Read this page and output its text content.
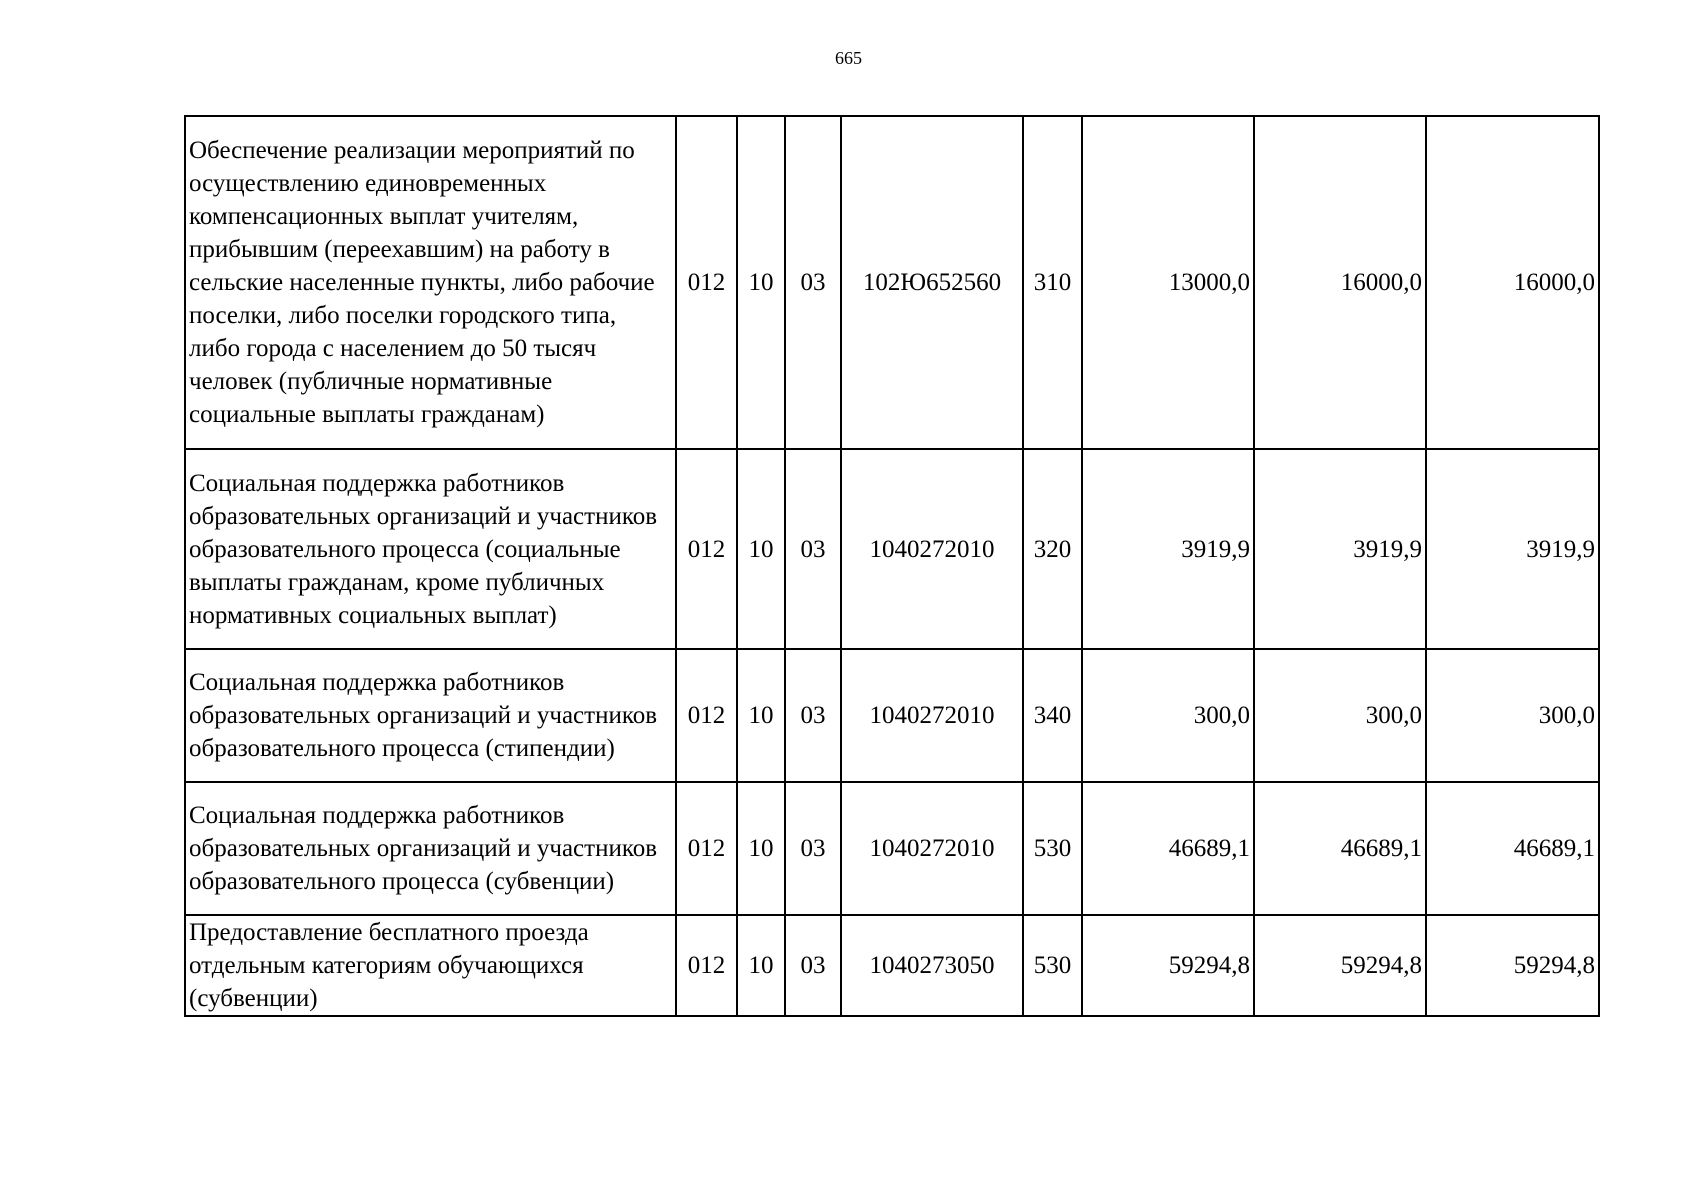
665
Обеспечение реализации мероприятий по осуществлению единовременных компенсационных выплат учителям, прибывшим (переехавшим) на работу в сельские населенные пункты, либо рабочие поселки, либо поселки городского типа, либо города с населением до 50 тысяч человек (публичные нормативные социальные выплаты гражданам)	012	10	03	102Ю652560	310	13000,0	16000,0	16000,0
Социальная поддержка работников образовательных организаций и участников образовательного процесса (социальные выплаты гражданам, кроме публичных нормативных социальных выплат)	012	10	03	1040272010	320	3919,9	3919,9	3919,9
Социальная поддержка работников образовательных организаций и участников образовательного процесса (стипендии)	012	10	03	1040272010	340	300,0	300,0	300,0
Социальная поддержка работников образовательных организаций и участников образовательного процесса (субвенции)	012	10	03	1040272010	530	46689,1	46689,1	46689,1
Предоставление бесплатного проезда отдельным категориям обучающихся (субвенции)	012	10	03	1040273050	530	59294,8	59294,8	59294,8
